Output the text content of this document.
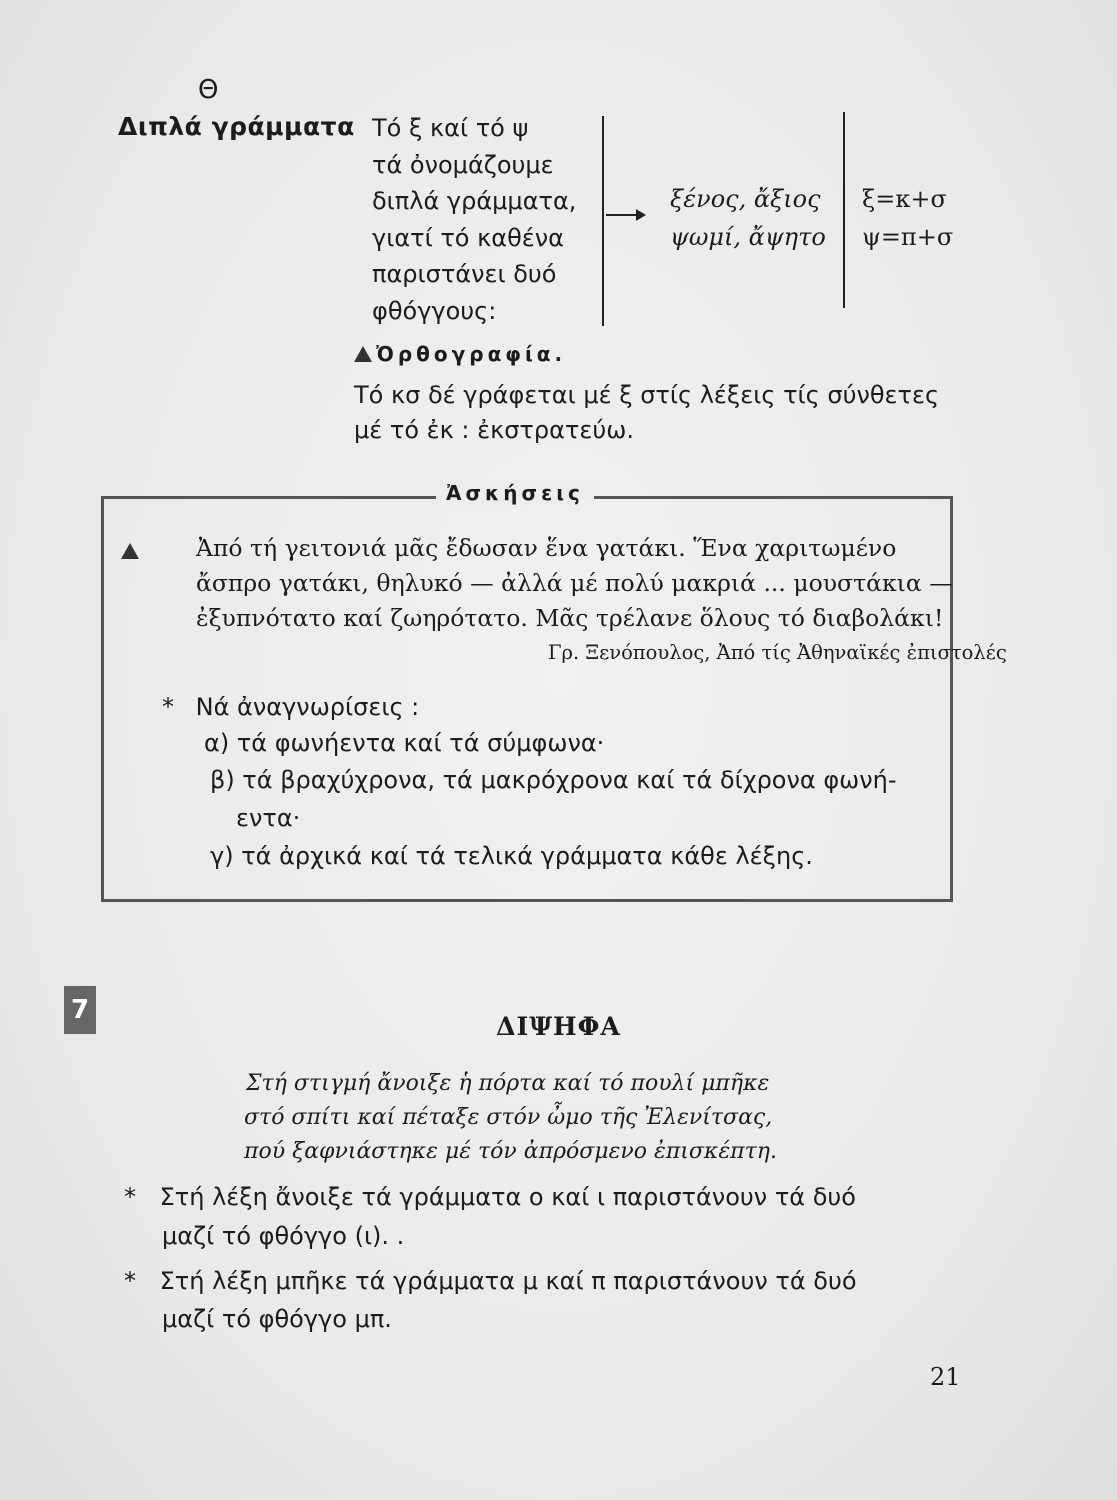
Θ
Διπλά γράμματα Τό ξ καί τό ψ
τά ὀνομάζουμε
διπλά γράμματα,
γιατί τό καθένα
παριστάνει δυό
φθόγγους:
ξένος, ἄξιος
ψωμί, ἄψητο
ξ=κ+σ
ψ=π+σ
Ὀρθογραφία.
Τό κσ δέ γράφεται μέ ξ στίς λέξεις τίς σύνθετες
μέ τό ἐκ : ἐκστρατεύω.
Ἀσκήσεις
Ἀπό τή γειτονιά μᾶς ἔδωσαν ἕνα γατάκι. Ἕνα χαριτωμένο
ἄσπρο γατάκι, θηλυκό — ἀλλά μέ πολύ μακριά ... μουστάκια —
ἐξυπνότατο καί ζωηρότατο. Μᾶς τρέλανε ὅλους τό διαβολάκι!
Γρ. Ξενόπουλος, Ἀπό τίς Ἀθηναϊκές ἐπιστολές
* Νά ἀναγνωρίσεις :
α) τά φωνήεντα καί τά σύμφωνα·
β) τά βραχύχρονα, τά μακρόχρονα καί τά δίχρονα φωνή-
εντα·
γ) τά ἀρχικά καί τά τελικά γράμματα κάθε λέξης.
7
ΔΙΨΗΦΑ
Στή στιγμή ἄνοιξε ἡ πόρτα καί τό πουλί μπῆκε
στό σπίτι καί πέταξε στόν ὦμο τῆς Ἐλενίτσας,
πού ξαφνιάστηκε μέ τόν ἀπρόσμενο ἐπισκέπτη.
* Στή λέξη ἄνοιξε τά γράμματα ο καί ι παριστάνουν τά δυό
μαζί τό φθόγγο (ι). .
* Στή λέξη μπῆκε τά γράμματα μ καί π παριστάνουν τά δυό
μαζί τό φθόγγο μπ.
21
